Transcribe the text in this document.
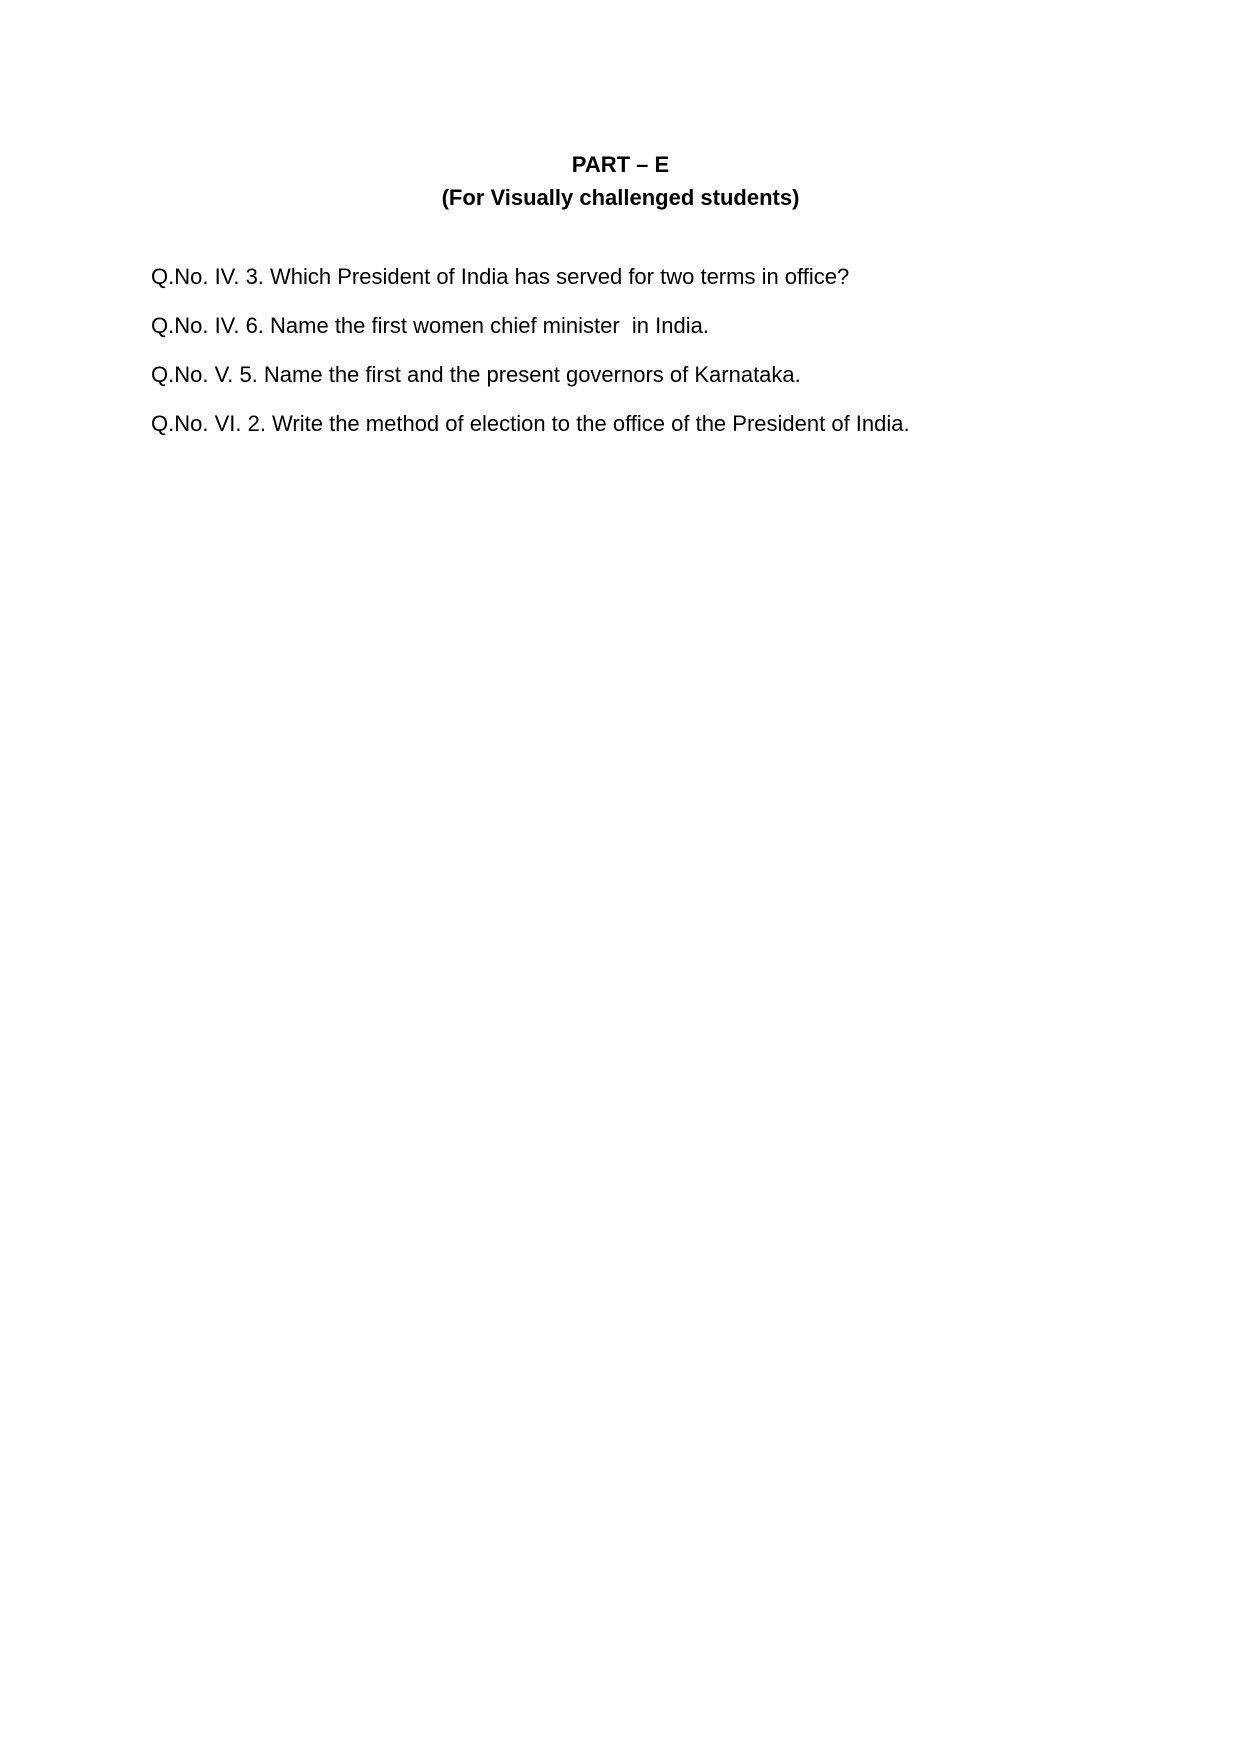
PART – E
(For Visually challenged students)
Q.No. IV. 3. Which President of India has served for two terms in office?
Q.No. IV. 6. Name the first women chief minister  in India.
Q.No. V. 5. Name the first and the present governors of Karnataka.
Q.No. VI. 2. Write the method of election to the office of the President of India.
